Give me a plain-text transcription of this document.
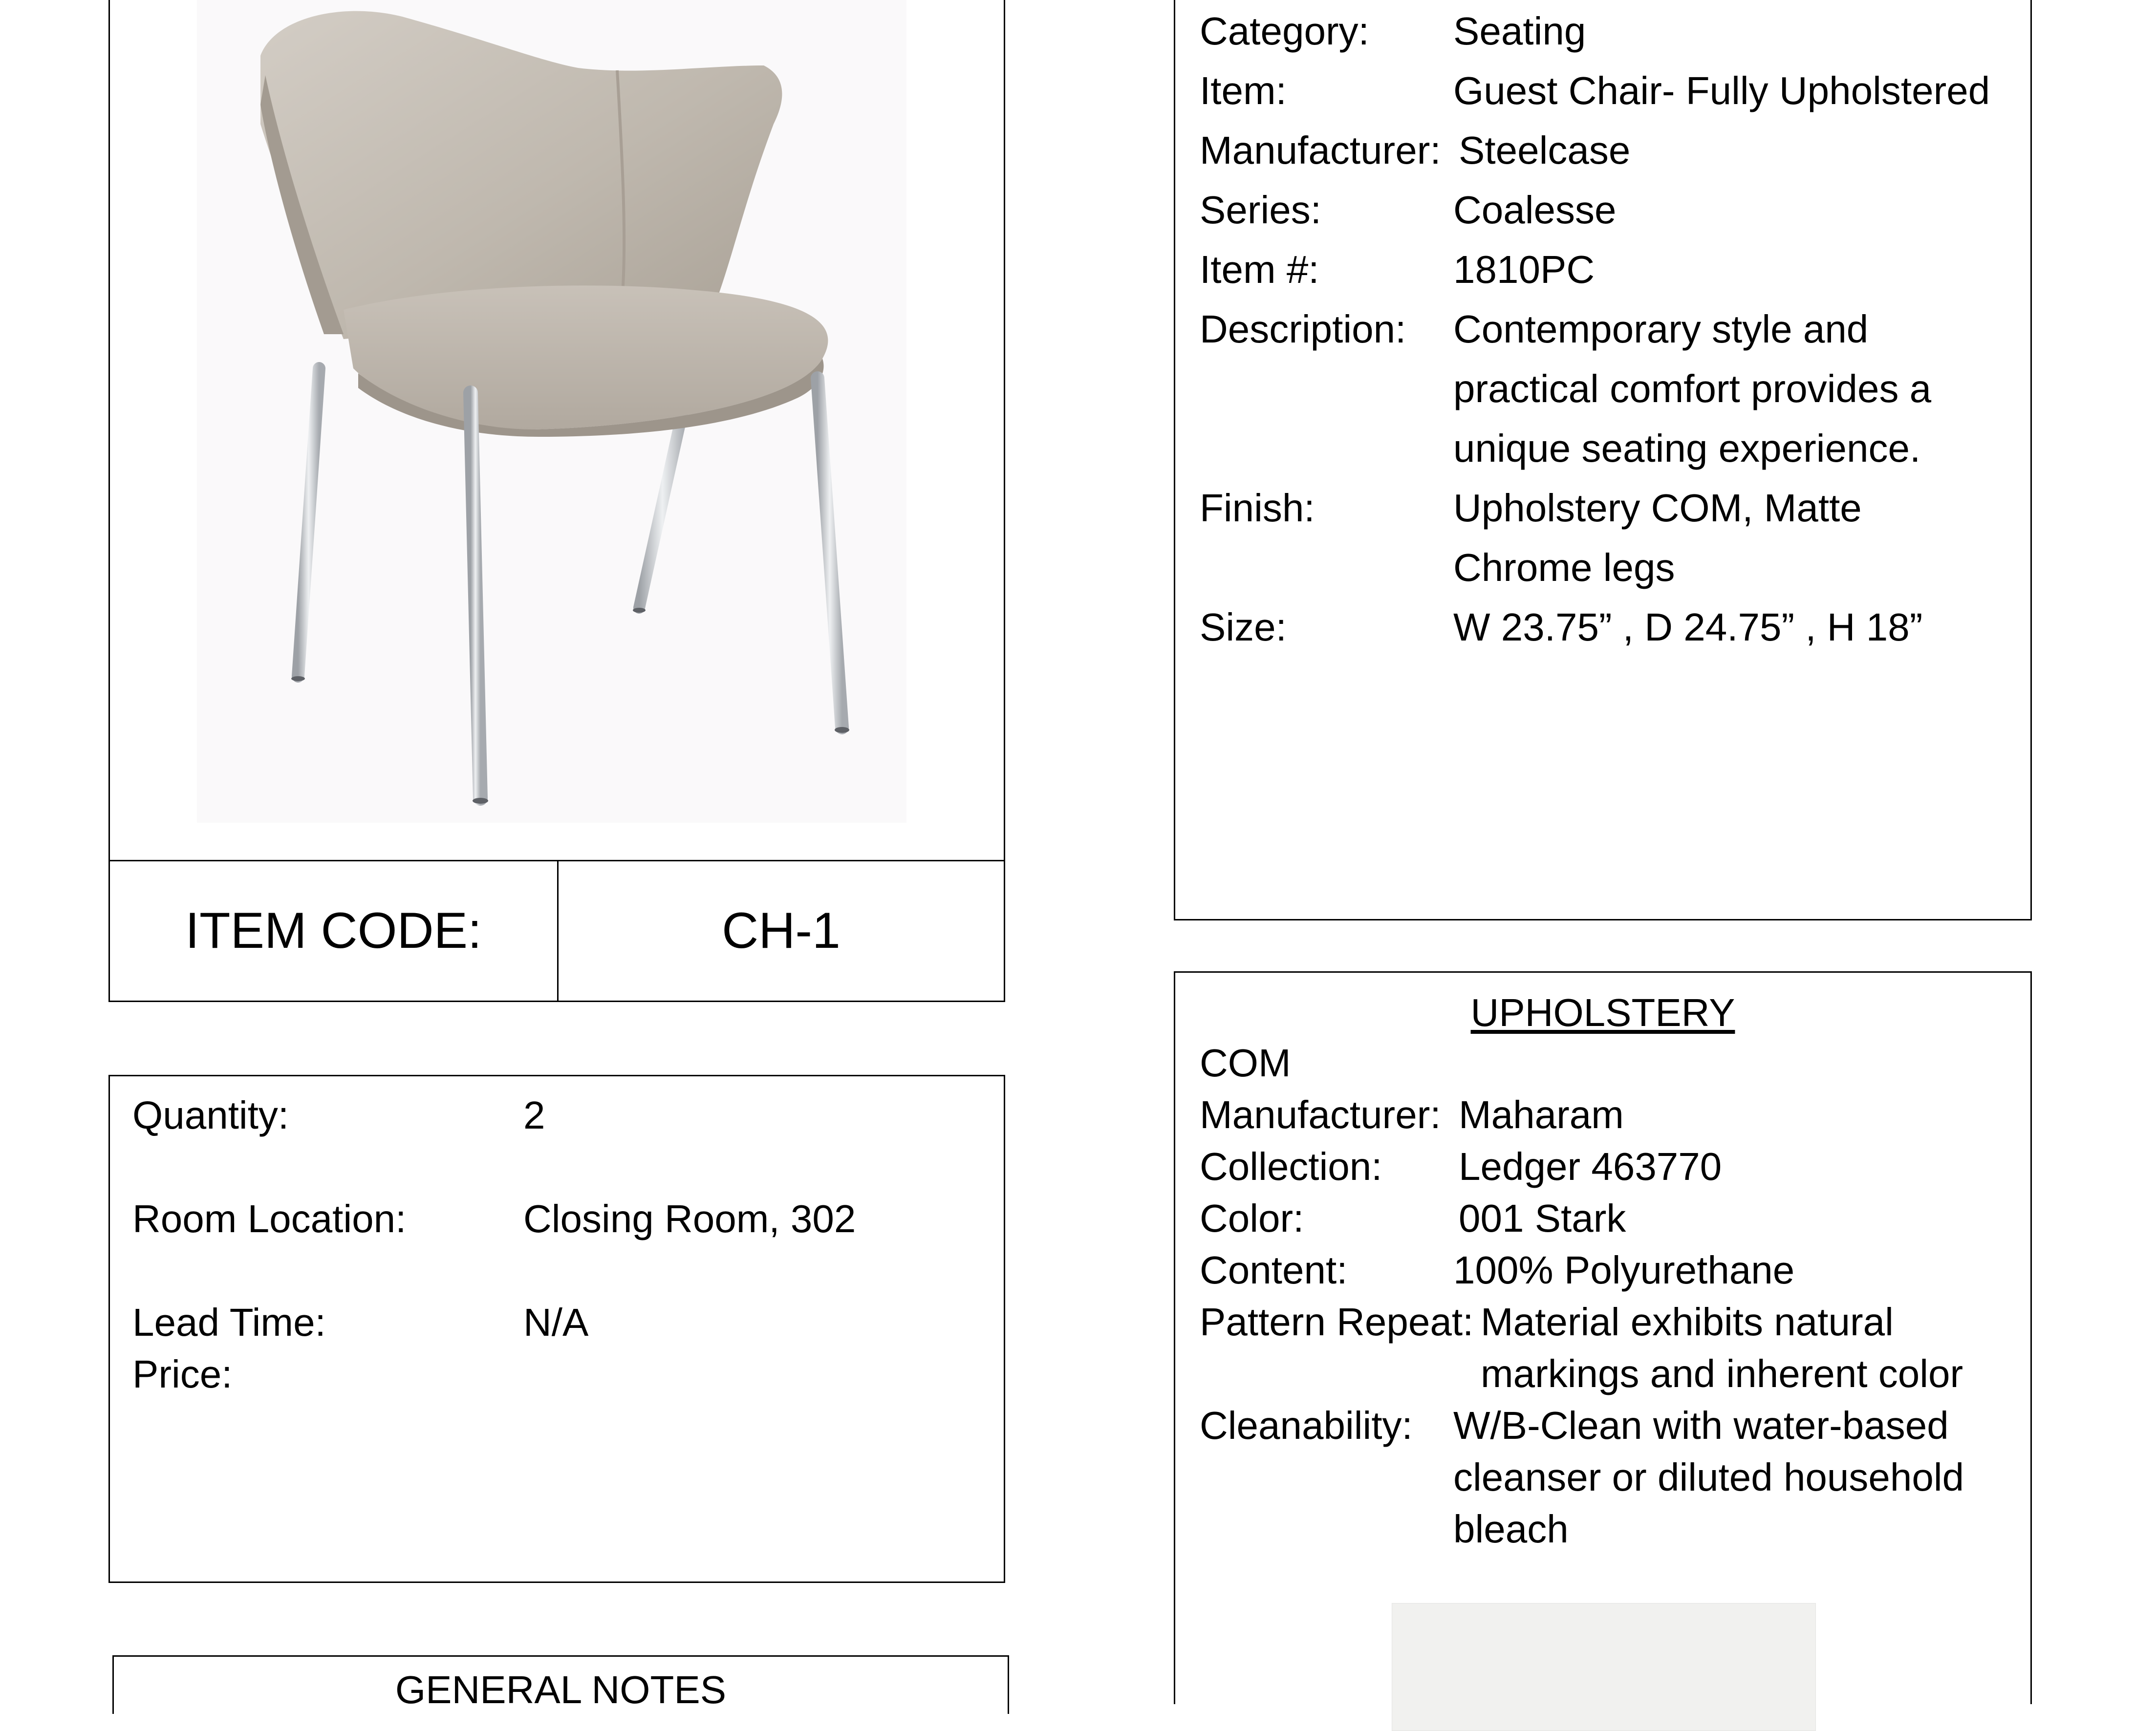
ITEM CODE:	CH-1
Quantity:	2
Room Location:	Closing Room, 302
Lead Time:	N/A
Price:
GENERAL NOTES
Category: Seating
Item:	Guest Chair- Fully Upholstered
Manufacturer: Steelcase
Series:	Coalesse
Item #:	1810PC
Description: Contemporary style and
practical comfort provides a
unique seating experience.
Finish:	Upholstery COM, Matte
Chrome legs
Size:	W 23.75” , D 24.75” , H 18”
UPHOLSTERY
COM
Manufacturer: Maharam
Collection: Ledger 463770
Color:	001 Stark
Content:	100% Polyurethane
Pattern Repeat: Material exhibits natural
markings and inherent color
Cleanability: W/B-Clean with water-based
cleanser or diluted household
bleach
